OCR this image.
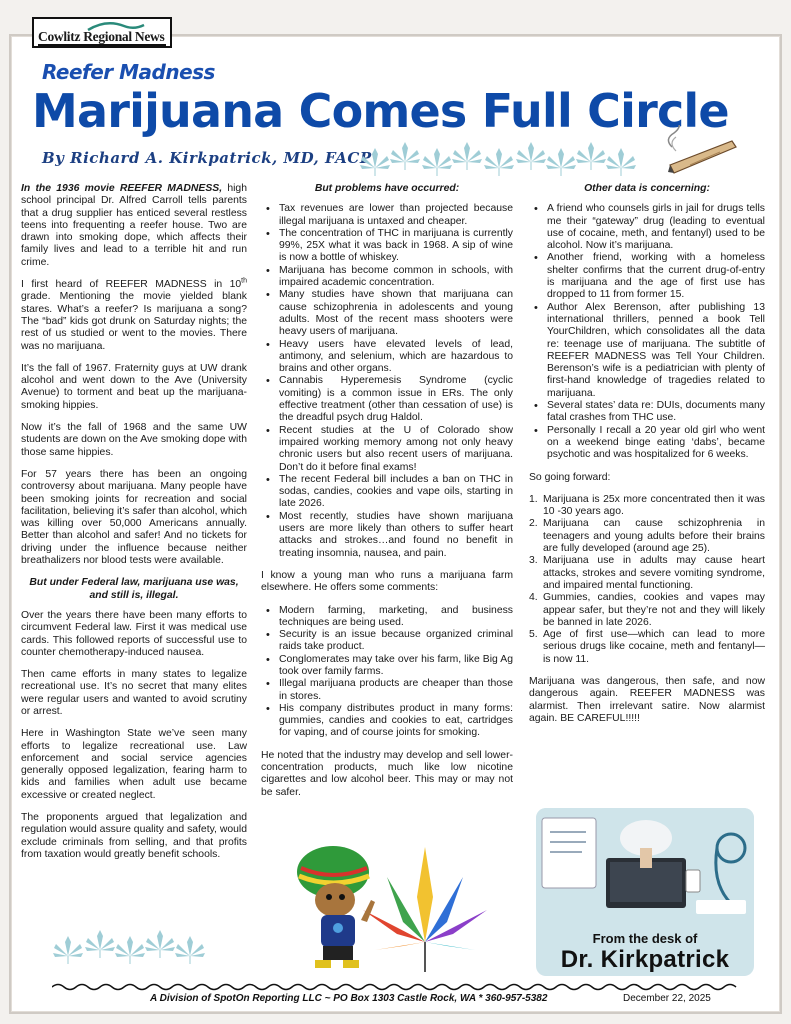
Cowlitz Regional News
Reefer Madness
Marijuana Comes Full Circle
By Richard A. Kirkpatrick, MD, FACP

In the 1936 movie REEFER MADNESS, high school principal Dr. Alfred Carroll tells parents that a drug supplier has enticed several restless teens into frequenting a reefer house. Two are drawn into smoking dope, which affects their family lives and lead to a terrible hit and run crime.

I first heard of REEFER MADNESS in 10th grade. Mentioning the movie yielded blank stares. What’s a reefer? Is marijuana a song? The “bad” kids got drunk on Saturday nights; the rest of us studied or went to the movies. There was no marijuana.

It’s the fall of 1967. Fraternity guys at UW drank alcohol and went down to the Ave (University Avenue) to torment and beat up the marijuana-smoking hippies.

Now it’s the fall of 1968 and the same UW students are down on the Ave smoking dope with those same hippies.

For 57 years there has been an ongoing controversy about marijuana. Many people have been smoking joints for recreation and social facilitation, believing it’s safer than alcohol, which was killing over 50,000 Americans annually. Better than alcohol and safer! And no tickets for driving under the influence because neither breathalizers nor blood tests were available.

But under Federal law, marijuana use was, and still is, illegal.

Over the years there have been many efforts to circumvent Federal law. First it was medical use cards. This followed reports of successful use to counter chemotherapy-induced nausea.

Then came efforts in many states to legalize recreational use. It’s no secret that many elites were regular users and wanted to avoid scrutiny or arrest.

Here in Washington State we’ve seen many efforts to legalize recreational use. Law enforcement and social service agencies generally opposed legalization, fearing harm to kids and families when adult use became excessive or created neglect.

The proponents argued that legalization and regulation would assure quality and safety, would exclude criminals from selling, and that profits from taxation would greatly benefit schools.

But problems have occurred:
• Tax revenues are lower than projected because illegal marijuana is untaxed and cheaper.
• The concentration of THC in marijuana is currently 99%, 25X what it was back in 1968. A sip of wine is now a bottle of whiskey.
• Marijuana has become common in schools, with impaired academic concentration.
• Many studies have shown that marijuana can cause schizophrenia in adolescents and young adults. Most of the recent mass shooters were heavy users of marijuana.
• Heavy users have elevated levels of lead, antimony, and selenium, which are hazardous to brains and other organs.
• Cannabis Hyperemesis Syndrome (cyclic vomiting) is a common issue in ERs. The only effective treatment (other than cessation of use) is the dreadful psych drug Haldol.
• Recent studies at the U of Colorado show impaired working memory among not only heavy chronic users but also recent users of marijuana. Don’t do it before final exams!
• The recent Federal bill includes a ban on THC in sodas, candies, cookies and vape oils, starting in late 2026.
• Most recently, studies have shown marijuana users are more likely than others to suffer heart attacks and strokes…and found no benefit in treating insomnia, nausea, and pain.

I know a young man who runs a marijuana farm elsewhere. He offers some comments:

• Modern farming, marketing, and business techniques are being used.
• Security is an issue because organized criminal raids take product.
• Conglomerates may take over his farm, like Big Ag took over family farms.
• Illegal marijuana products are cheaper than those in stores.
• His company distributes product in many forms: gummies, candies and cookies to eat, cartridges for vaping, and of course joints for smoking.

He noted that the industry may develop and sell lower-concentration products, much like low nicotine cigarettes and low alcohol beer. This may or may not be safer.

Other data is concerning:
• A friend who counsels girls in jail for drugs tells me their “gateway” drug (leading to eventual use of cocaine, meth, and fentanyl) used to be alcohol. Now it’s marijuana.
• Another friend, working with a homeless shelter confirms that the current drug-of-entry is marijuana and the age of first use has dropped to 11 from former 15.
• Author Alex Berenson, after publishing 13 international thrillers, penned a book Tell YourChildren, which consolidates all the data re: teenage use of marijuana. The subtitle of REEFER MADNESS was Tell Your Children. Berenson’s wife is a pediatrician with plenty of first-hand knowledge of tragedies related to marijuana.
• Several states’ data re: DUIs, documents many fatal crashes from THC use.
• Personally I recall a 20 year old girl who went on a weekend binge eating ‘dabs’, became psychotic and was hospitalized for 6 weeks.

So going forward:

1. Marijuana is 25x more concentrated then it was 10 -30 years ago.
2. Marijuana can cause schizophrenia in teenagers and young adults before their brains are fully developed (around age 25).
3. Marijuana use in adults may cause heart attacks, strokes and severe vomiting syndrome, and impaired mental functioning.
4. Gummies, candies, cookies and vapes may appear safer, but they’re not and they will likely be banned in late 2026.
5. Age of first use—which can lead to more serious drugs like cocaine, meth and fentanyl—is now 11.

Marijuana was dangerous, then safe, and now dangerous again. REEFER MADNESS was alarmist. Then irrelevant satire. Now alarmist again. BE CAREFUL!!!!!

From the desk of
Dr. Kirkpatrick
A Division of SpotOn Reporting LLC ~ PO Box 1303 Castle Rock, WA * 360-957-5382	December 22, 2025
